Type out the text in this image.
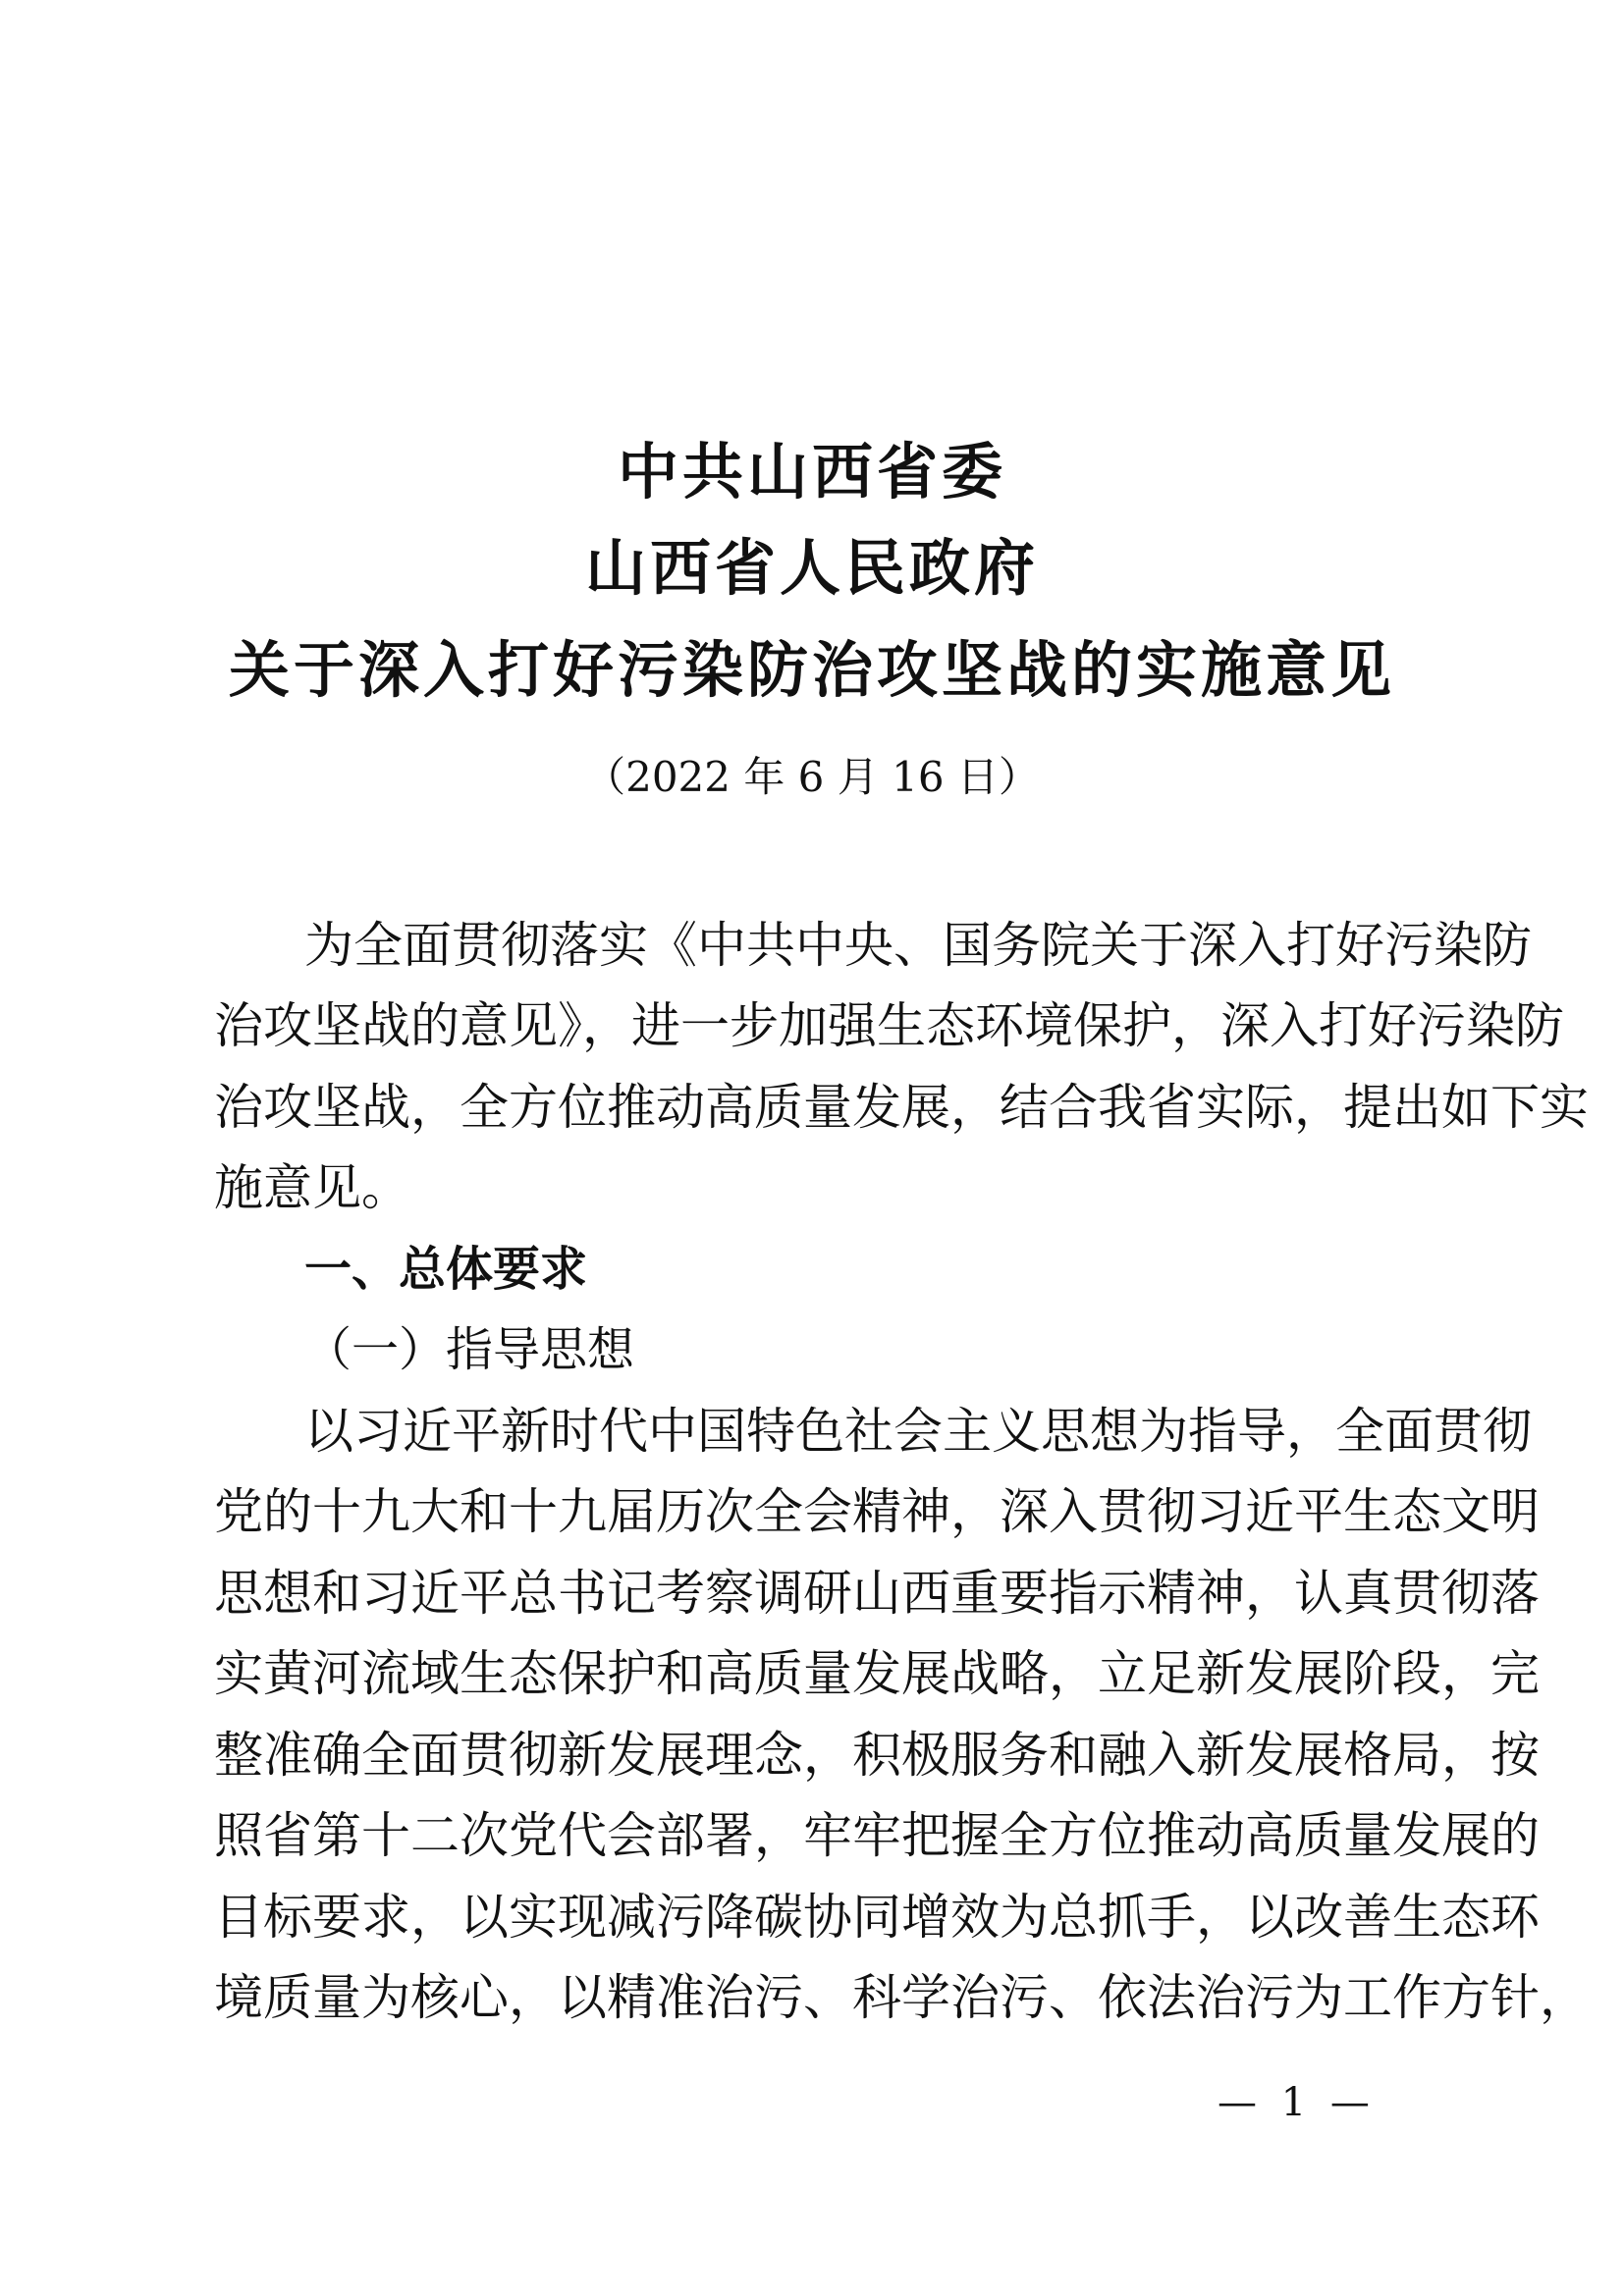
中共山西省委
山西省人民政府
关于深入打好污染防治攻坚战的实施意见
（2022 年 6 月 16 日）
为全面贯彻落实《中共中央、国务院关于深入打好污染防
治攻坚战的意见》，进一步加强生态环境保护，深入打好污染防
治攻坚战，全方位推动高质量发展，结合我省实际，提出如下实
施意见。
一、总体要求
（一）指导思想
以习近平新时代中国特色社会主义思想为指导，全面贯彻
党的十九大和十九届历次全会精神，深入贯彻习近平生态文明
思想和习近平总书记考察调研山西重要指示精神，认真贯彻落
实黄河流域生态保护和高质量发展战略，立足新发展阶段，完
整准确全面贯彻新发展理念，积极服务和融入新发展格局，按
照省第十二次党代会部署，牢牢把握全方位推动高质量发展的
目标要求，以实现减污降碳协同增效为总抓手，以改善生态环
境质量为核心，以精准治污、科学治污、依法治污为工作方针，
— 1 —
